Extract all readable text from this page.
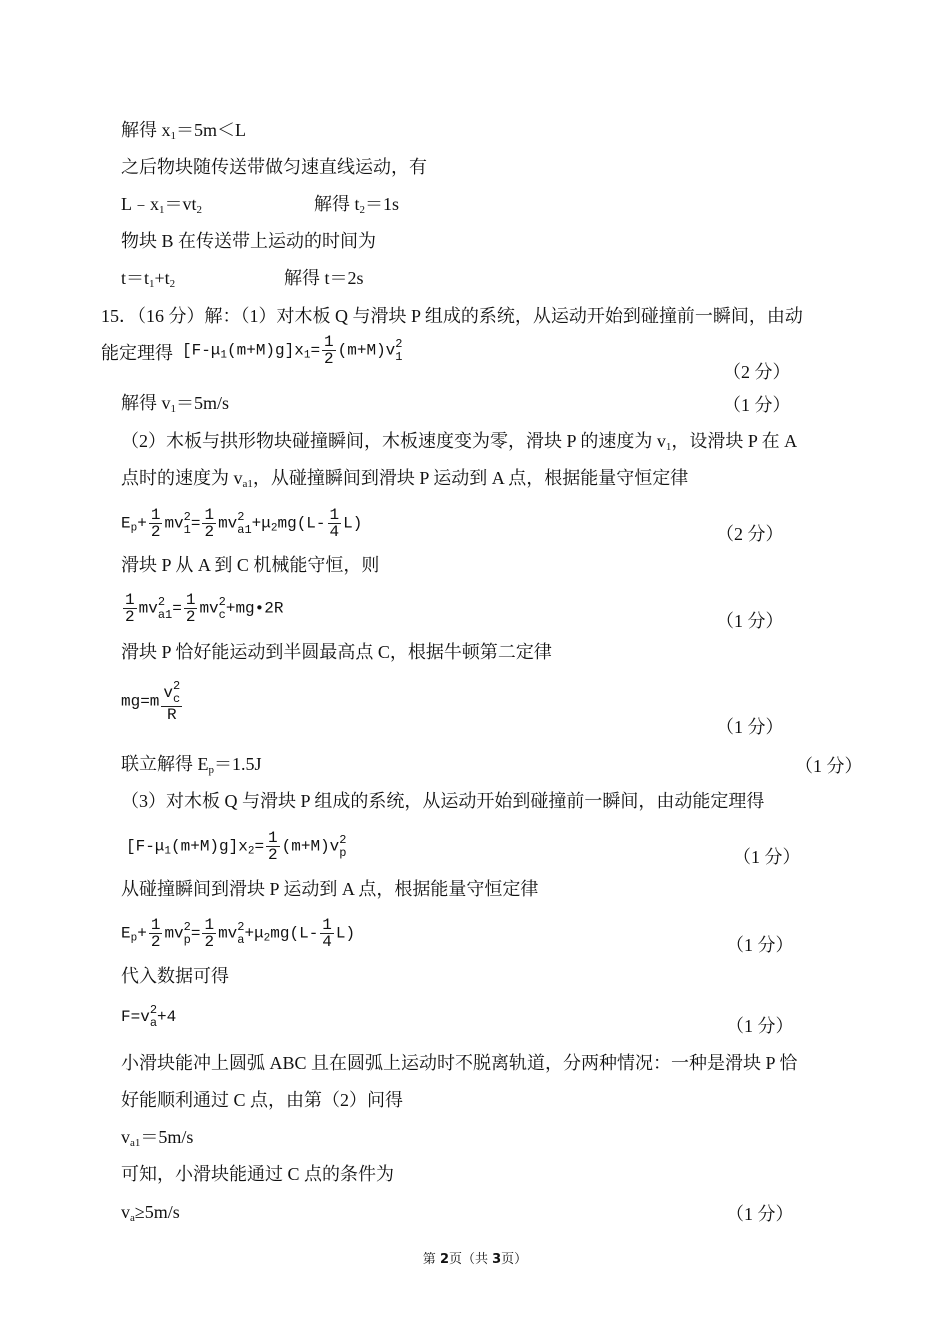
解得 $x_1=5m<L$
之后物块随传送带做匀速直线运动，有
$L﹣x_1=vt_2$	解得 $t_2=1s$
物块 B 在传送带上运动的时间为
$t=t_1+t_2$	解得 t＝2s
15．（16 分）解：（1）对木板 Q 与滑块 P 组成的系统，从运动开始到碰撞前一瞬间，由动
能定理得 $[F-\mu_1(m+M)g]x_1= \frac{1}{2} (m+M)v$ 2
1
（2 分）
解得 $v_1=5m/s$	（1 分）
（2）木板与拱形物块碰撞瞬间，木板速度变为零，滑块 P 的速度为 $v_1$，设滑块 P 在 A
点时的速度为 $v_{a1}$，从碰撞瞬间到滑块 P 运动到 A 点，根据能量守恒定律
$E_p+ \frac{1}{2}$ mv 2
$1 = \frac{1}{2}$ mv 2
$a1 +\mu_2mg(L- \frac{1}{4} L)$
（2 分）
滑块 P 从 A 到 C 机械能守恒，则
$\frac{1}{2}$ mv 2
$a1 = \frac{1}{2}$ mv 2
c +mg•2R
（1 分）
滑块 P 恰好能运动到半圆最高点 C，根据牛顿第二定律
mg=m v 2
c
R
（1 分）
联立解得 $E_p=1.5J$	（1 分）
（3）对木板 Q 与滑块 P 组成的系统，从运动开始到碰撞前一瞬间，由动能定理得
$[F-\mu_1(m+M)g]x_2= \frac{1}{2} (m+M)v$ 2
p	（1 分）
从碰撞瞬间到滑块 P 运动到 A 点，根据能量守恒定律
$E_p+ \frac{1}{2}$ mv 2
$p = \frac{1}{2}$ mv 2
$a +\mu_2mg(L- \frac{1}{4} L)$
（1 分）
代入数据可得
F=v 2
a +4	（1 分）
小滑块能冲上圆弧 ABC 且在圆弧上运动时不脱离轨道，分两种情况：一种是滑块 P 恰
好能顺利通过 C 点，由第（2）问得
$v_{a1}=5m/s$
可知，小滑块能通过 C 点的条件为
$v_a\ge 5m/s$	（1 分）
第 2页（共 3页）
